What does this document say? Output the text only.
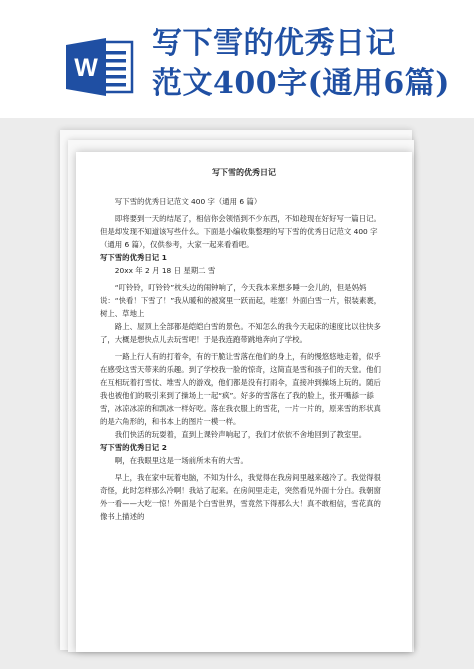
W
写下雪的优秀日记
范文400字(通用6篇)
写下雪的优秀日记

写下雪的优秀日记范文 400 字（通用 6 篇）

即将要到一天的结尾了，相信你会领悟到不少东西，不如趁现在好好写一篇日记。但是却发现不知道该写些什么。下面是小编收集整理的写下雪的优秀日记范文 400 字（通用 6 篇），仅供参考，大家一起来看看吧。

写下雪的优秀日记 1

20xx 年 2 月 18 日 星期二 雪

“叮铃铃，叮铃铃”枕头边的闹钟响了，今天我本来想多睡一会儿的，但是妈妈说：“快看！下雪了！”我从暖和的被窝里一跃而起，哇塞！外面白雪一片，银装素裹，树上、草地上

路上、屋顶上全部都是皑皑白雪的景色。不知怎么的我今天起床的速度比以往快多了，大概是想快点儿去玩雪吧！于是我连跑带跳地奔向了学校。

一路上行人有的打着伞，有的干脆让雪落在他们的身上，有的慢悠悠地走着，似乎在感受这雪天带来的乐趣。到了学校我一脸的惊奇，这简直是雪和孩子们的天堂。他们在互相玩着打雪仗、堆雪人的游戏，他们都是没有打雨伞，直接冲到操场上玩的。随后我也被他们的吸引来到了操场上一起“疯”。好多的雪落在了我的脸上，张开嘴舔一舔雪，冰凉冰凉的和凯冰一样好吃。落在我衣服上的雪花，一片一片的，原来雪的形状真的是六角形的，和书本上的图片一模一样。

我们快活的玩耍着，直到上课铃声响起了，我们才依依不舍地回到了教室里。

写下雪的优秀日记 2

啊，在我眼里这是一场前所未有的大雪。

早上，我在家中玩着电脑，不知为什么，我觉得在我房间里越来越冷了。我觉得很奇怪，此时怎样那么冷啊！我站了起来。在房间里走走，突然看见外面十分白。我朝窗外一看——大吃一惊！外面是个白雪世界，雪竟然下得那么大！真不敢相信，雪花真的像书上描述的
